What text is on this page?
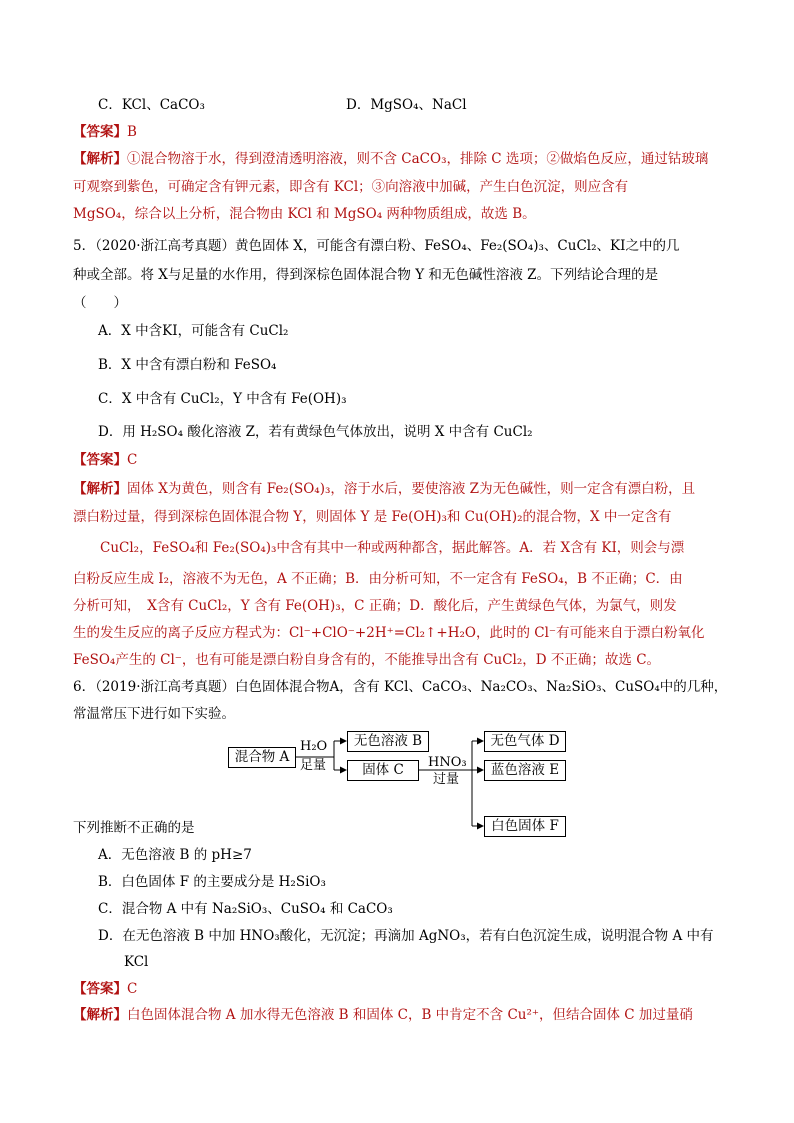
C．KCl、CaCO₃	D．MgSO₄、NaCl
【答案】B
【解析】①混合物溶于水，得到澄清透明溶液，则不含 CaCO₃，排除 C 选项；②做焰色反应，通过钴玻璃
可观察到紫色，可确定含有钾元素，即含有 KCl；③向溶液中加碱，产生白色沉淀，则应含有
MgSO₄，综合以上分析，混合物由 KCl 和 MgSO₄ 两种物质组成，故选 B。
5．（2020·浙江高考真题）黄色固体 X，可能含有漂白粉、FeSO₄、Fe₂(SO₄)₃、CuCl₂、KI之中的几
种或全部。将 X与足量的水作用，得到深棕色固体混合物 Y 和无色碱性溶液 Z。下列结论合理的是
（　　）
A．X 中含KI，可能含有 CuCl₂
B．X 中含有漂白粉和 FeSO₄
C．X 中含有 CuCl₂，Y 中含有 Fe(OH)₃
D．用 H₂SO₄ 酸化溶液 Z，若有黄绿色气体放出，说明 X 中含有 CuCl₂
【答案】C
【解析】固体 X为黄色，则含有 Fe₂(SO₄)₃，溶于水后，要使溶液 Z为无色碱性，则一定含有漂白粉，且
漂白粉过量，得到深棕色固体混合物 Y，则固体 Y 是 Fe(OH)₃和 Cu(OH)₂的混合物，X 中一定含有
CuCl₂，FeSO₄和 Fe₂(SO₄)₃中含有其中一种或两种都含，据此解答。A．若 X含有 KI，则会与漂
白粉反应生成 I₂，溶液不为无色，A 不正确；B．由分析可知，不一定含有 FeSO₄，B 不正确；C．由
分析可知，　X含有 CuCl₂，Y 含有 Fe(OH)₃，C 正确；D．酸化后，产生黄绿色气体，为氯气，则发
生的发生反应的离子反应方程式为：Cl⁻+ClO⁻+2H⁺=Cl₂↑+H₂O，此时的 Cl⁻有可能来自于漂白粉氧化
FeSO₄产生的 Cl⁻，也有可能是漂白粉自身含有的，不能推导出含有 CuCl₂，D 不正确；故选 C。
6．（2019·浙江高考真题）白色固体混合物A，含有 KCl、CaCO₃、Na₂CO₃、Na₂SiO₃、CuSO₄中的几种，
常温常压下进行如下实验。
混合物 A
H₂O
足量
无色溶液 B
固体 C	HNO₃
过量
无色气体 D
蓝色溶液 E
白色固体 F
下列推断不正确的是
A．无色溶液 B 的 pH≥7
B．白色固体 F 的主要成分是 H₂SiO₃
C．混合物 A 中有 Na₂SiO₃、CuSO₄ 和 CaCO₃
D．在无色溶液 B 中加 HNO₃酸化，无沉淀；再滴加 AgNO₃，若有白色沉淀生成，说明混合物 A 中有
KCl
【答案】C
【解析】白色固体混合物 A 加水得无色溶液 B 和固体 C，B 中肯定不含 Cu²⁺，但结合固体 C 加过量硝
